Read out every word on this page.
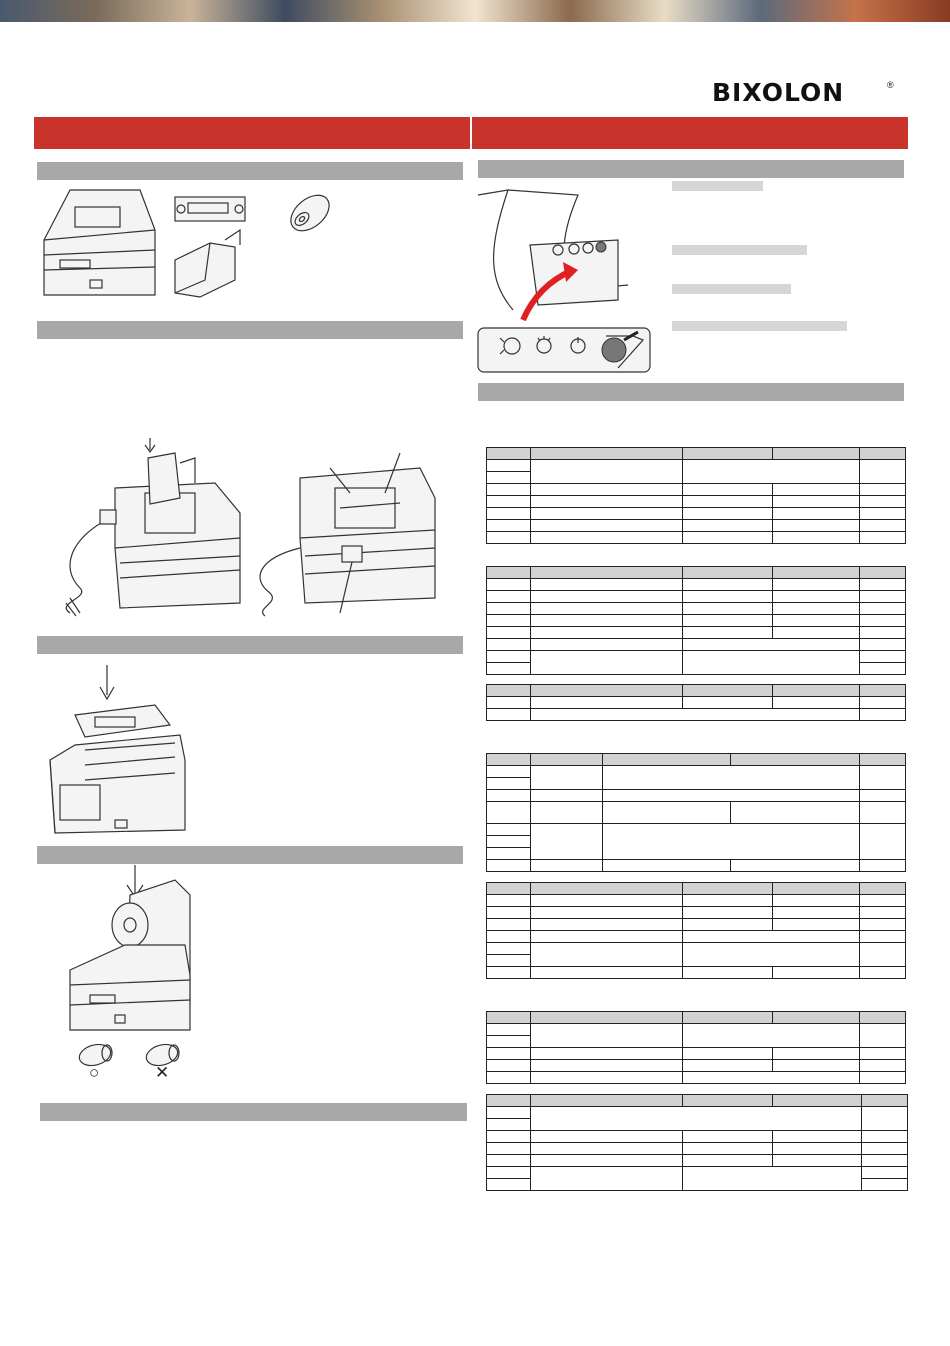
BIXOLON	®
○	✕
